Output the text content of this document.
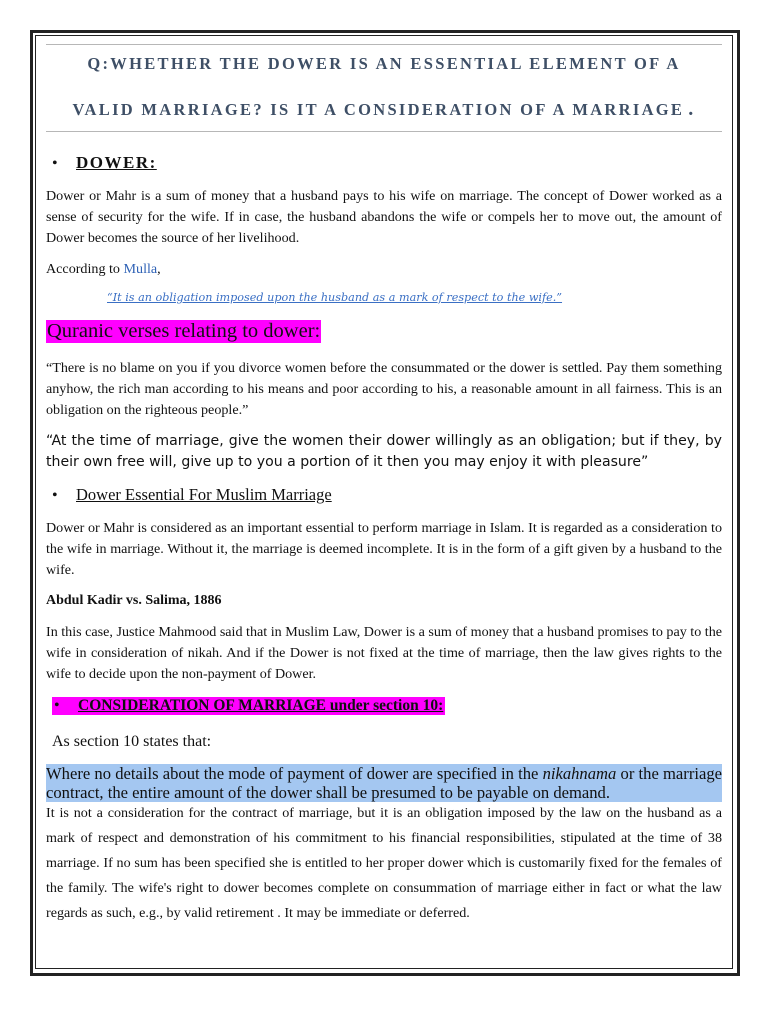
Q:WHETHER THE DOWER IS AN ESSENTIAL ELEMENT OF A
VALID MARRIAGE? IS IT A CONSIDERATION OF A MARRIAGE .
•	DOWER:

Dower or Mahr is a sum of money that a husband pays to his wife on marriage. The concept of Dower worked as a sense of security for the wife. If in case, the husband abandons the wife or compels her to move out, the amount of Dower becomes the source of her livelihood.

According to Mulla,

“It is an obligation imposed upon the husband as a mark of respect to the wife.”
Quranic verses relating to dower:

“There is no blame on you if you divorce women before the consummated or the dower is settled. Pay them something anyhow, the rich man according to his means and poor according to his, a reasonable amount in all fairness. This is an obligation on the righteous people.”

“At the time of marriage, give the women their dower willingly as an obligation; but if they, by their own free will, give up to you a portion of it then you may enjoy it with pleasure”

•	Dower Essential For Muslim Marriage

Dower or Mahr is considered as an important essential to perform marriage in Islam. It is regarded as a consideration to the wife in marriage. Without it, the marriage is deemed incomplete. It is in the form of a gift given by a husband to the wife.

Abdul Kadir vs. Salima, 1886

In this case, Justice Mahmood said that in Muslim Law, Dower is a sum of money that a husband promises to pay to the wife in consideration of nikah. And if the Dower is not fixed at the time of marriage, then the law gives rights to the wife to decide upon the non-payment of Dower.

•	CONSIDERATION OF MARRIAGE under section 10:
As section 10 states that:

Where no details about the mode of payment of dower are specified in the nikahnama or the marriage contract, the entire amount of the dower shall be presumed to be payable on demand.

It is not a consideration for the contract of marriage, but it is an obligation imposed by the law on the husband as a mark of respect and demonstration of his commitment to his financial responsibilities, stipulated at the time of 38 marriage. If no sum has been specified she is entitled to her proper dower which is customarily fixed for the females of the family. The wife's right to dower becomes complete on consummation of marriage either in fact or what the law regards as such, e.g., by valid retirement . It may be immediate or deferred.
